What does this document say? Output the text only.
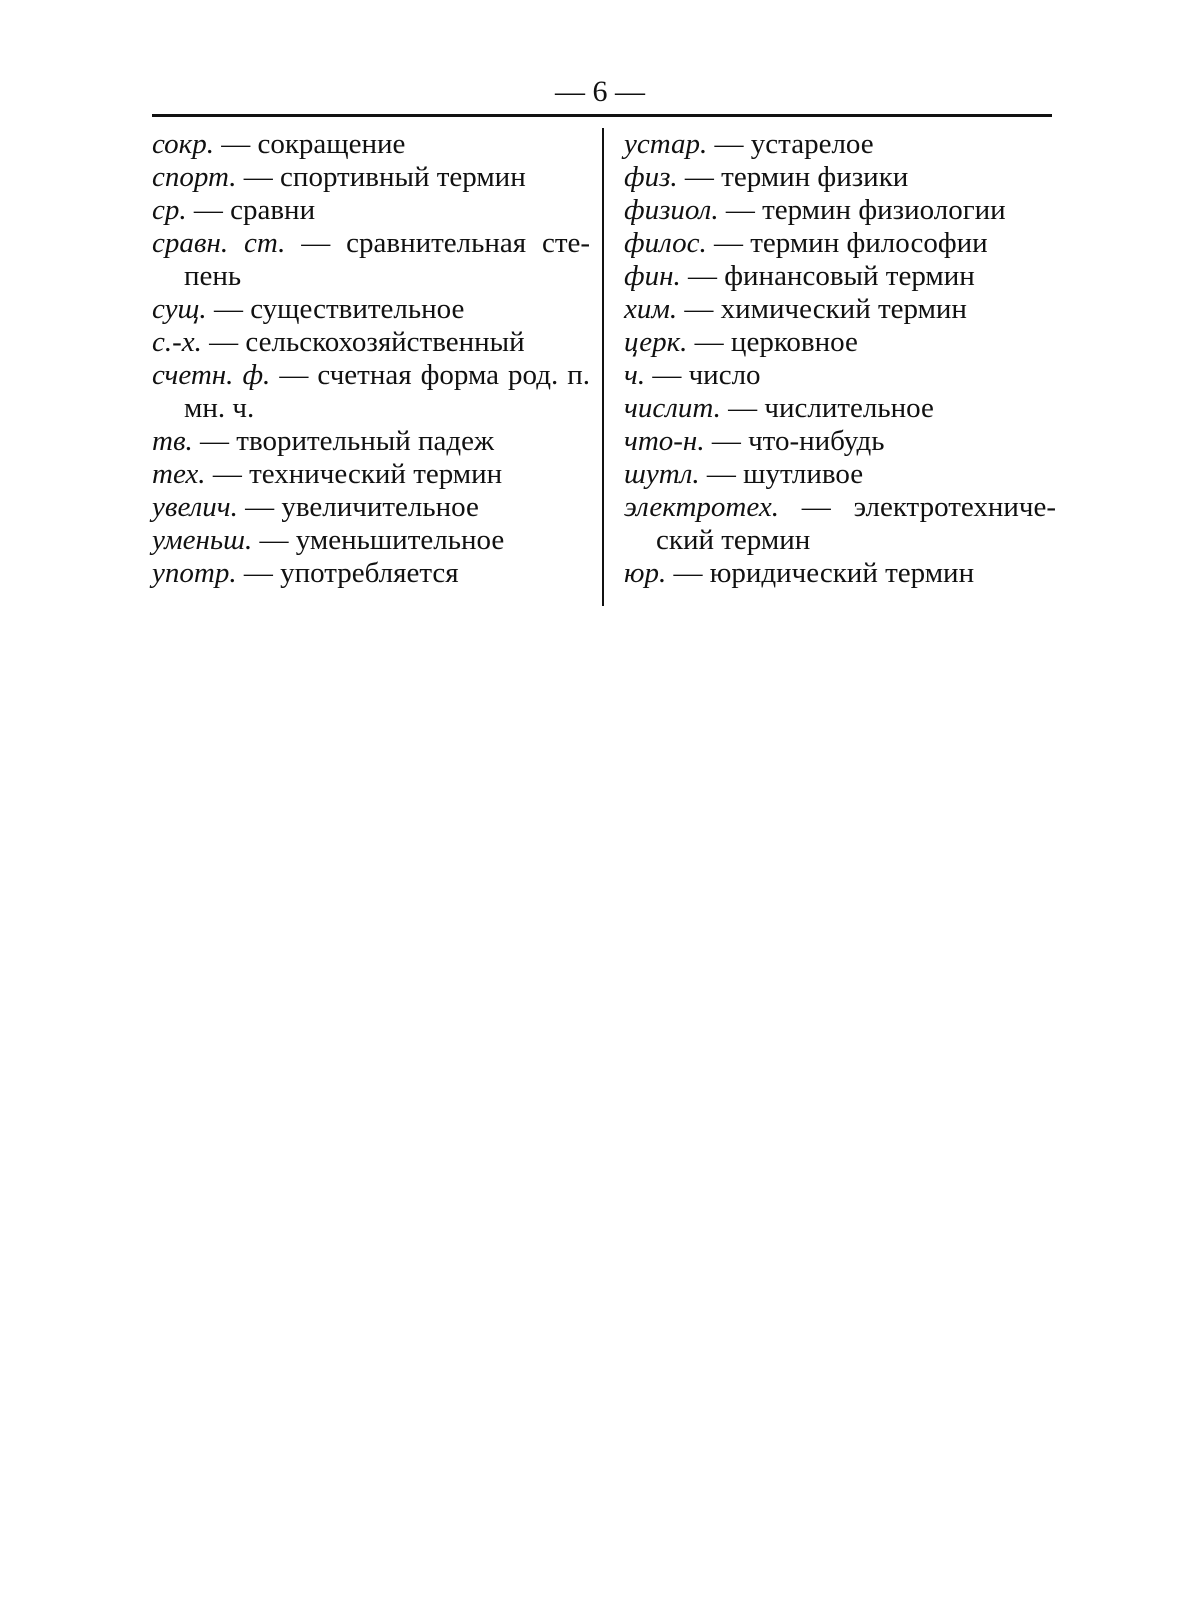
— 6 —
сокр. — сокращение
спорт. — спортивный термин
ср. — сравни
сравн. ст. — сравнительная сте-пень
сущ. — существительное
с.-х. — сельскохозяйственный
счетн. ф. — счетная форма род. п. мн. ч.
тв. — творительный падеж
тех. — технический термин
увелич. — увеличительное
уменьш. — уменьшительное
употр. — употребляется
устар. — устарелое
физ. — термин физики
физиол. — термин физиологии
филос. — термин философии
фин. — финансовый термин
хим. — химический термин
церк. — церковное
ч. — число
числит. — числительное
что-н. — что-нибудь
шутл. — шутливое
электротех. — электротехниче-ский термин
юр. — юридический термин
